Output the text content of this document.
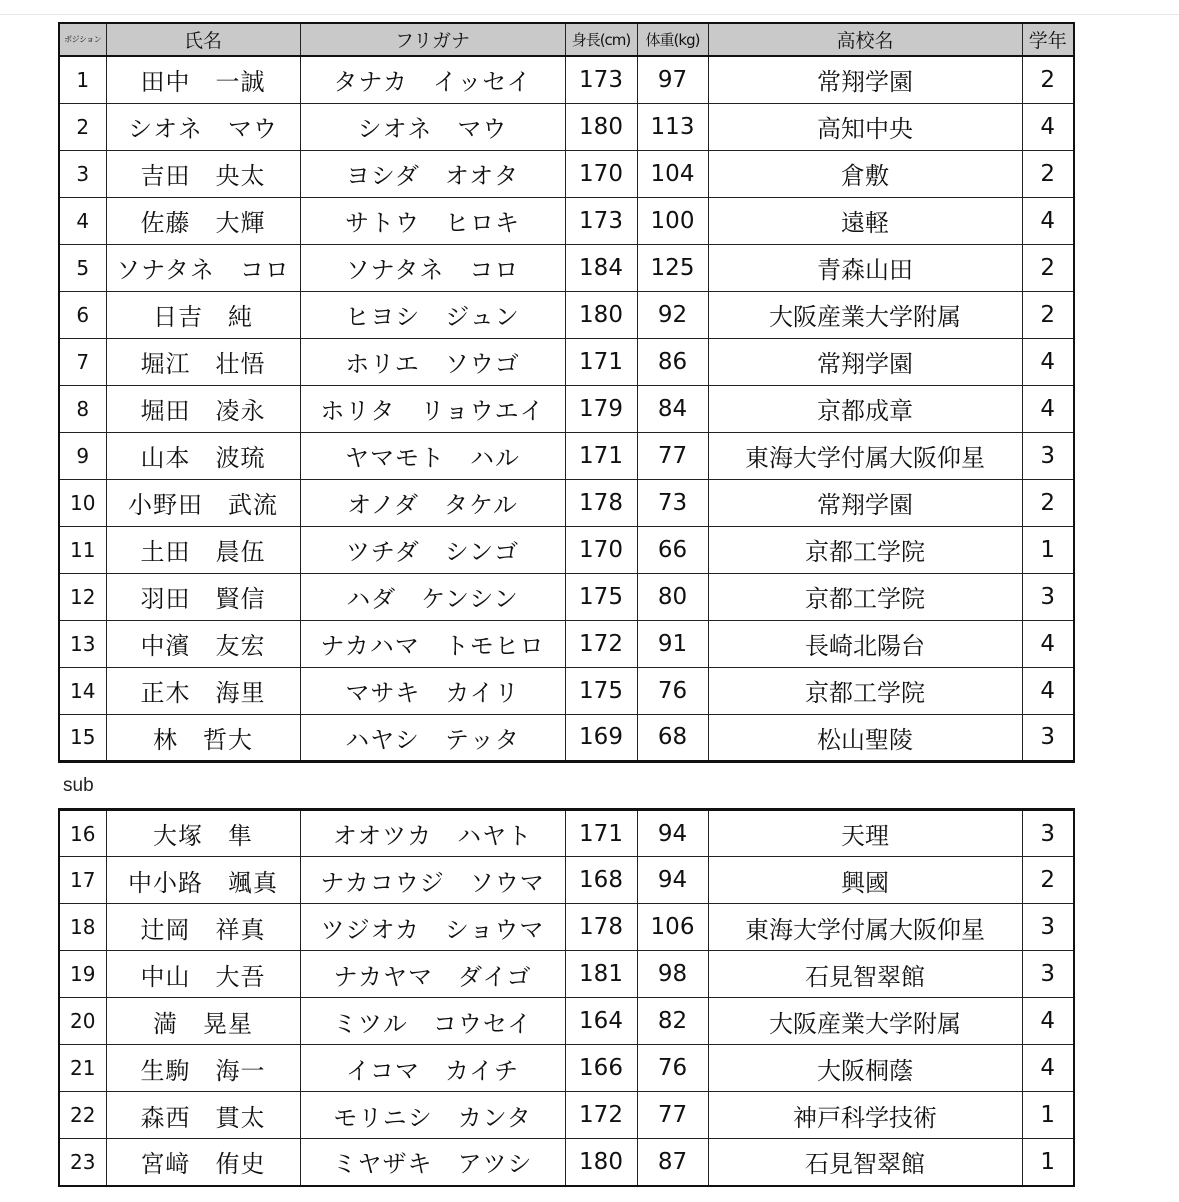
ポジション	氏名	フリガナ	身長(cm)	体重(kg)	高校名	学年
1	田中　一誠	タナカ　イッセイ	173	97	常翔学園	2
2	シオネ　マウ	シオネ　マウ	180	113	高知中央	4
3	吉田　央太	ヨシダ　オオタ	170	104	倉敷	2
4	佐藤　大輝	サトウ　ヒロキ	173	100	遠軽	4
5	ソナタネ　コロ	ソナタネ　コロ	184	125	青森山田	2
6	日吉　純	ヒヨシ　ジュン	180	92	大阪産業大学附属	2
7	堀江　壮悟	ホリエ　ソウゴ	171	86	常翔学園	4
8	堀田　凌永	ホリタ　リョウエイ	179	84	京都成章	4
9	山本　波琉	ヤマモト　ハル	171	77	東海大学付属大阪仰星	3
10	小野田　武流	オノダ　タケル	178	73	常翔学園	2
11	土田　晨伍	ツチダ　シンゴ	170	66	京都工学院	1
12	羽田　賢信	ハダ　ケンシン	175	80	京都工学院	3
13	中濱　友宏	ナカハマ　トモヒロ	172	91	長崎北陽台	4
14	正木　海里	マサキ　カイリ	175	76	京都工学院	4
15	林　哲大	ハヤシ　テッタ	169	68	松山聖陵	3
sub
16	大塚　隼	オオツカ　ハヤト	171	94	天理	3
17	中小路　颯真	ナカコウジ　ソウマ	168	94	興國	2
18	辻岡　祥真	ツジオカ　ショウマ	178	106	東海大学付属大阪仰星	3
19	中山　大吾	ナカヤマ　ダイゴ	181	98	石見智翠館	3
20	満　晃星	ミツル　コウセイ	164	82	大阪産業大学附属	4
21	生駒　海一	イコマ　カイチ	166	76	大阪桐蔭	4
22	森西　貫太	モリニシ　カンタ	172	77	神戸科学技術	1
23	宮﨑　侑史	ミヤザキ　アツシ	180	87	石見智翠館	1
